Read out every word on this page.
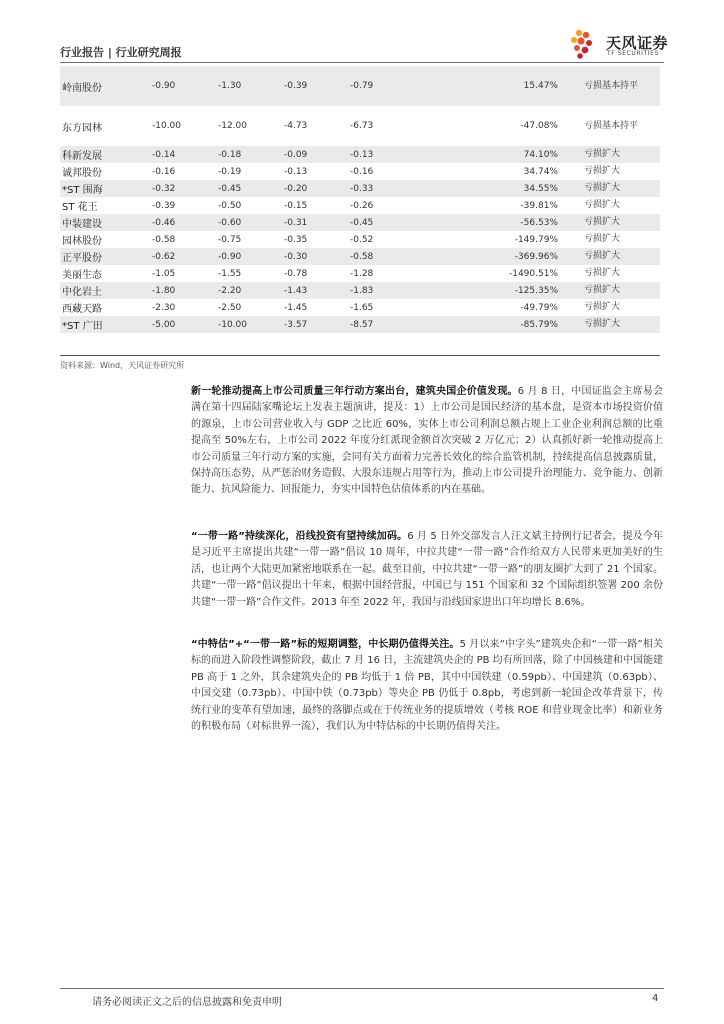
行业报告 | 行业研究周报
天风证券
TF SECURITIES
岭南股份	-0.90	-1.30	-0.39	-0.79	15.47%	亏损基本持平
东方园林	-10.00	-12.00	-4.73	-6.73	-47.08%	亏损基本持平
科新发展	-0.14	-0.18	-0.09	-0.13	74.10%	亏损扩大
诚邦股份	-0.16	-0.19	-0.13	-0.16	34.74%	亏损扩大
*ST 围海	-0.32	-0.45	-0.20	-0.33	34.55%	亏损扩大
ST 花王	-0.39	-0.50	-0.15	-0.26	-39.81%	亏损扩大
中装建设	-0.46	-0.60	-0.31	-0.45	-56.53%	亏损扩大
园林股份	-0.58	-0.75	-0.35	-0.52	-149.79%	亏损扩大
正平股份	-0.62	-0.90	-0.30	-0.58	-369.96%	亏损扩大
美丽生态	-1.05	-1.55	-0.78	-1.28	-1490.51%	亏损扩大
中化岩土	-1.80	-2.20	-1.43	-1.83	-125.35%	亏损扩大
西藏天路	-2.30	-2.50	-1.45	-1.65	-49.79%	亏损扩大
*ST 广田	-5.00	-10.00	-3.57	-8.57	-85.79%	亏损扩大
资料来源：Wind，天风证券研究所

新一轮推动提高上市公司质量三年行动方案出台，建筑央国企价值发现。6 月 8 日，中国证监会主席易会满在第十四届陆家嘴论坛上发表主题演讲，提及：1）上市公司是国民经济的基本盘，是资本市场投资价值的源泉，上市公司营业收入与 GDP 之比近 60%，实体上市公司利润总额占规上工业企业利润总额的比重提高至 50%左右，上市公司 2022 年度分红派现金额首次突破 2 万亿元；2）认真抓好新一轮推动提高上市公司质量三年行动方案的实施，会同有关方面着力完善长效化的综合监管机制，持续提高信息披露质量，保持高压态势，从严惩治财务造假、大股东违规占用等行为，推动上市公司提升治理能力、竞争能力、创新能力、抗风险能力、回报能力，夯实中国特色估值体系的内在基础。

“一带一路”持续深化，沿线投资有望持续加码。6 月 5 日外交部发言人汪文斌主持例行记者会，提及今年是习近平主席提出共建“一带一路”倡议 10 周年，中拉共建“一带一路”合作给双方人民带来更加美好的生活，也让两个大陆更加紧密地联系在一起。截至目前，中拉共建“一带一路”的朋友圈扩大到了 21 个国家。共建“一带一路”倡议提出十年来，根据中国经营报，中国已与 151 个国家和 32 个国际组织签署 200 余份共建“一带一路”合作文件。2013 年至 2022 年，我国与沿线国家进出口年均增长 8.6%。

“中特估”+“一带一路”标的短期调整，中长期仍值得关注。5 月以来“中字头”建筑央企和“一带一路”相关标的而进入阶段性调整阶段，截止 7 月 16 日，主流建筑央企的 PB 均有所回落，除了中国核建和中国能建 PB 高于 1 之外，其余建筑央企的 PB 均低于 1 倍 PB，其中中国铁建（0.59pb）、中国建筑（0.63pb）、中国交建（0.73pb）、中国中铁（0.73pb）等央企 PB 仍低于 0.8pb，考虑到新一轮国企改革背景下，传统行业的变革有望加速，最终的落脚点或在于传统业务的提质增效（考核 ROE 和营业现金比率）和新业务的积极布局（对标世界一流），我们认为中特估标的中长期仍值得关注。

请务必阅读正文之后的信息披露和免责申明	4
